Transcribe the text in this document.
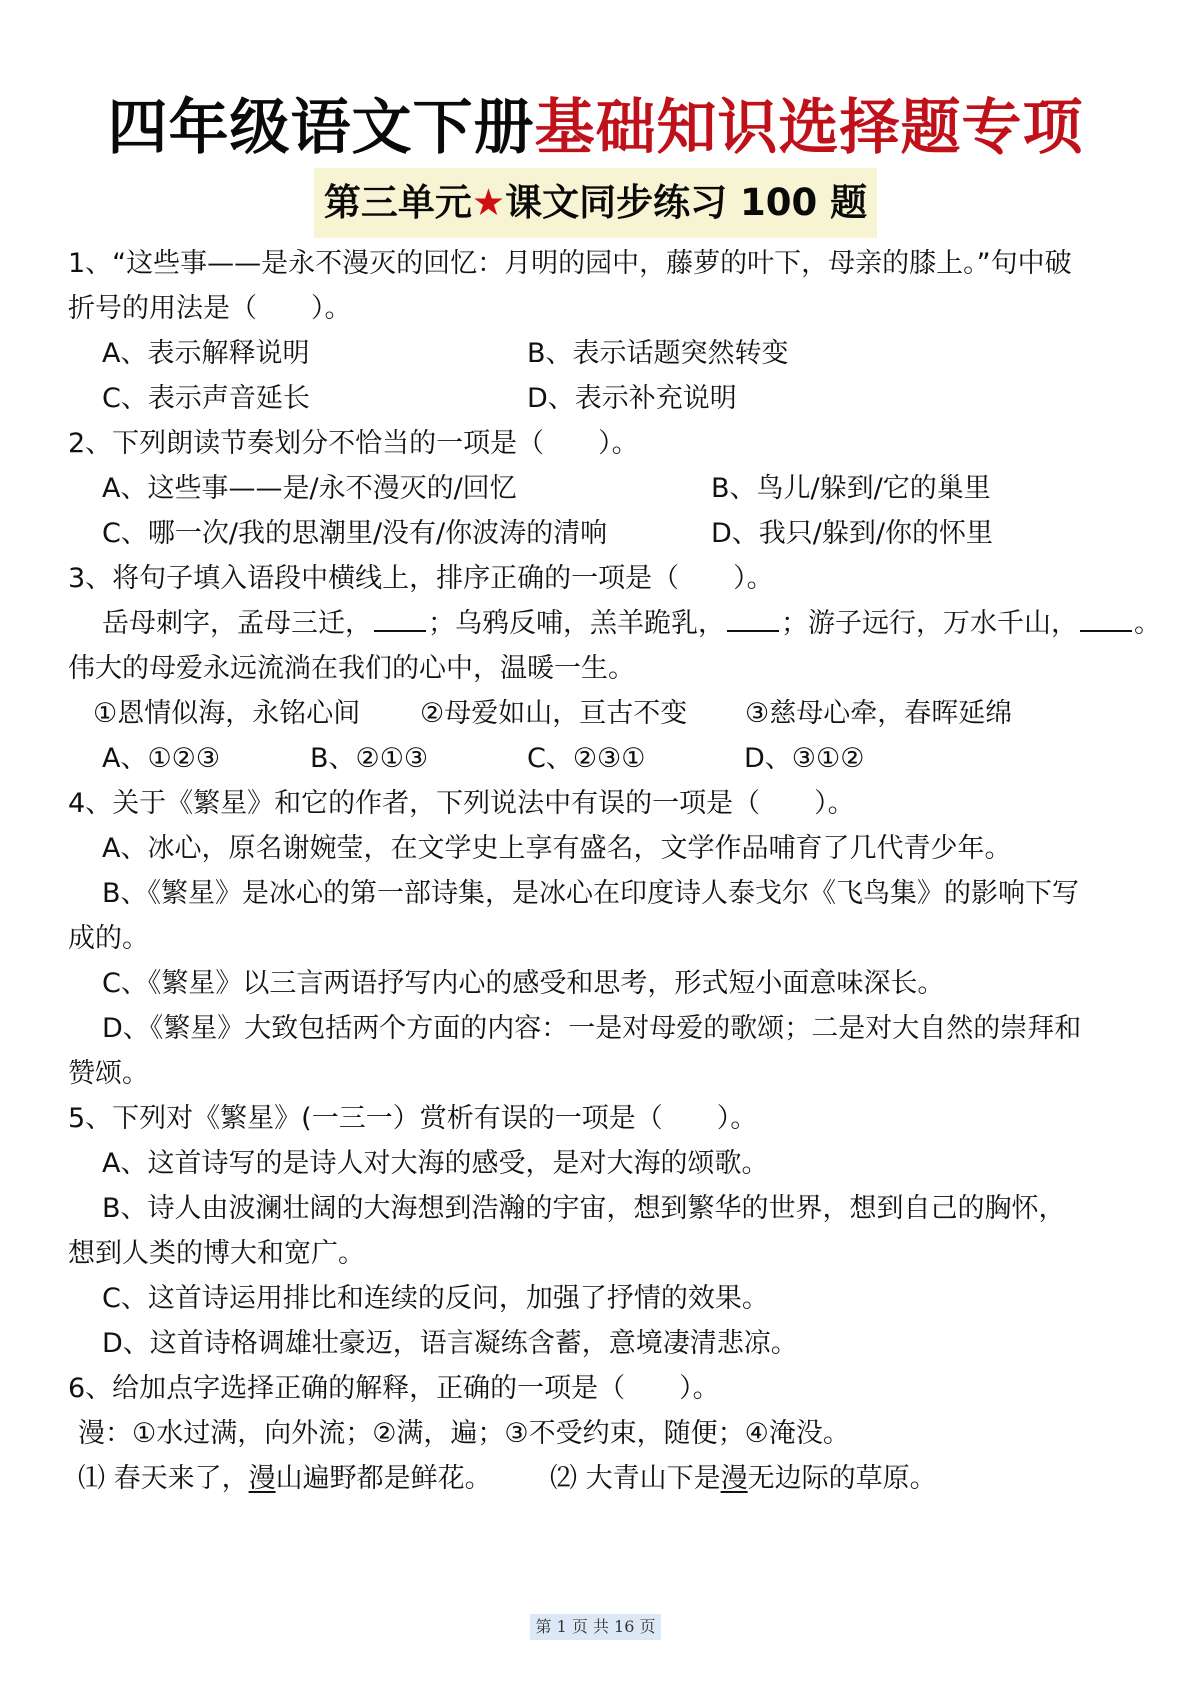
四年级语文下册基础知识选择题专项
第三单元★课文同步练习 100 题
1、“这些事——是永不漫灭的回忆：月明的园中，藤萝的叶下，母亲的膝上。”句中破
折号的用法是（　　）。
A、表示解释说明	B、表示话题突然转变
C、表示声音延长	D、表示补充说明
2、下列朗读节奏划分不恰当的一项是（　　）。
A、这些事——是/永不漫灭的/回忆	B、鸟儿/躲到/它的巢里
C、哪一次/我的思潮里/没有/你波涛的清响	D、我只/躲到/你的怀里
3、将句子填入语段中横线上，排序正确的一项是（　　）。
岳母刺字，孟母三迁， ；乌鸦反哺，羔羊跪乳， ；游子远行，万水千山， 。
伟大的母爱永远流淌在我们的心中，温暖一生。
①恩情似海，永铭心间 ②母爱如山，亘古不变 ③慈母心牵，春晖延绵
A、①②③	B、②①③	C、②③①	D、③①②
4、关于《繁星》和它的作者，下列说法中有误的一项是（　　）。
A、冰心，原名谢婉莹，在文学史上享有盛名，文学作品哺育了几代青少年。
B、《繁星》是冰心的第一部诗集，是冰心在印度诗人泰戈尔《飞鸟集》的影响下写
成的。
C、《繁星》以三言两语抒写内心的感受和思考，形式短小面意味深长。
D、《繁星》大致包括两个方面的内容：一是对母爱的歌颂；二是对大自然的崇拜和
赞颂。
5、下列对《繁星》(一三一）赏析有误的一项是（　　）。
A、这首诗写的是诗人对大海的感受，是对大海的颂歌。
B、诗人由波澜壮阔的大海想到浩瀚的宇宙，想到繁华的世界，想到自己的胸怀，
想到人类的博大和宽广。
C、这首诗运用排比和连续的反问，加强了抒情的效果。
D、这首诗格调雄壮豪迈，语言凝练含蓄，意境凄清悲凉。
6、给加点字选择正确的解释，正确的一项是（　　）。
漫：①水过满，向外流；②满，遍；③不受约束，随便；④淹没。
⑴ 春天来了，漫山遍野都是鲜花。 ⑵ 大青山下是漫无边际的草原。
第 1 页 共 16 页
